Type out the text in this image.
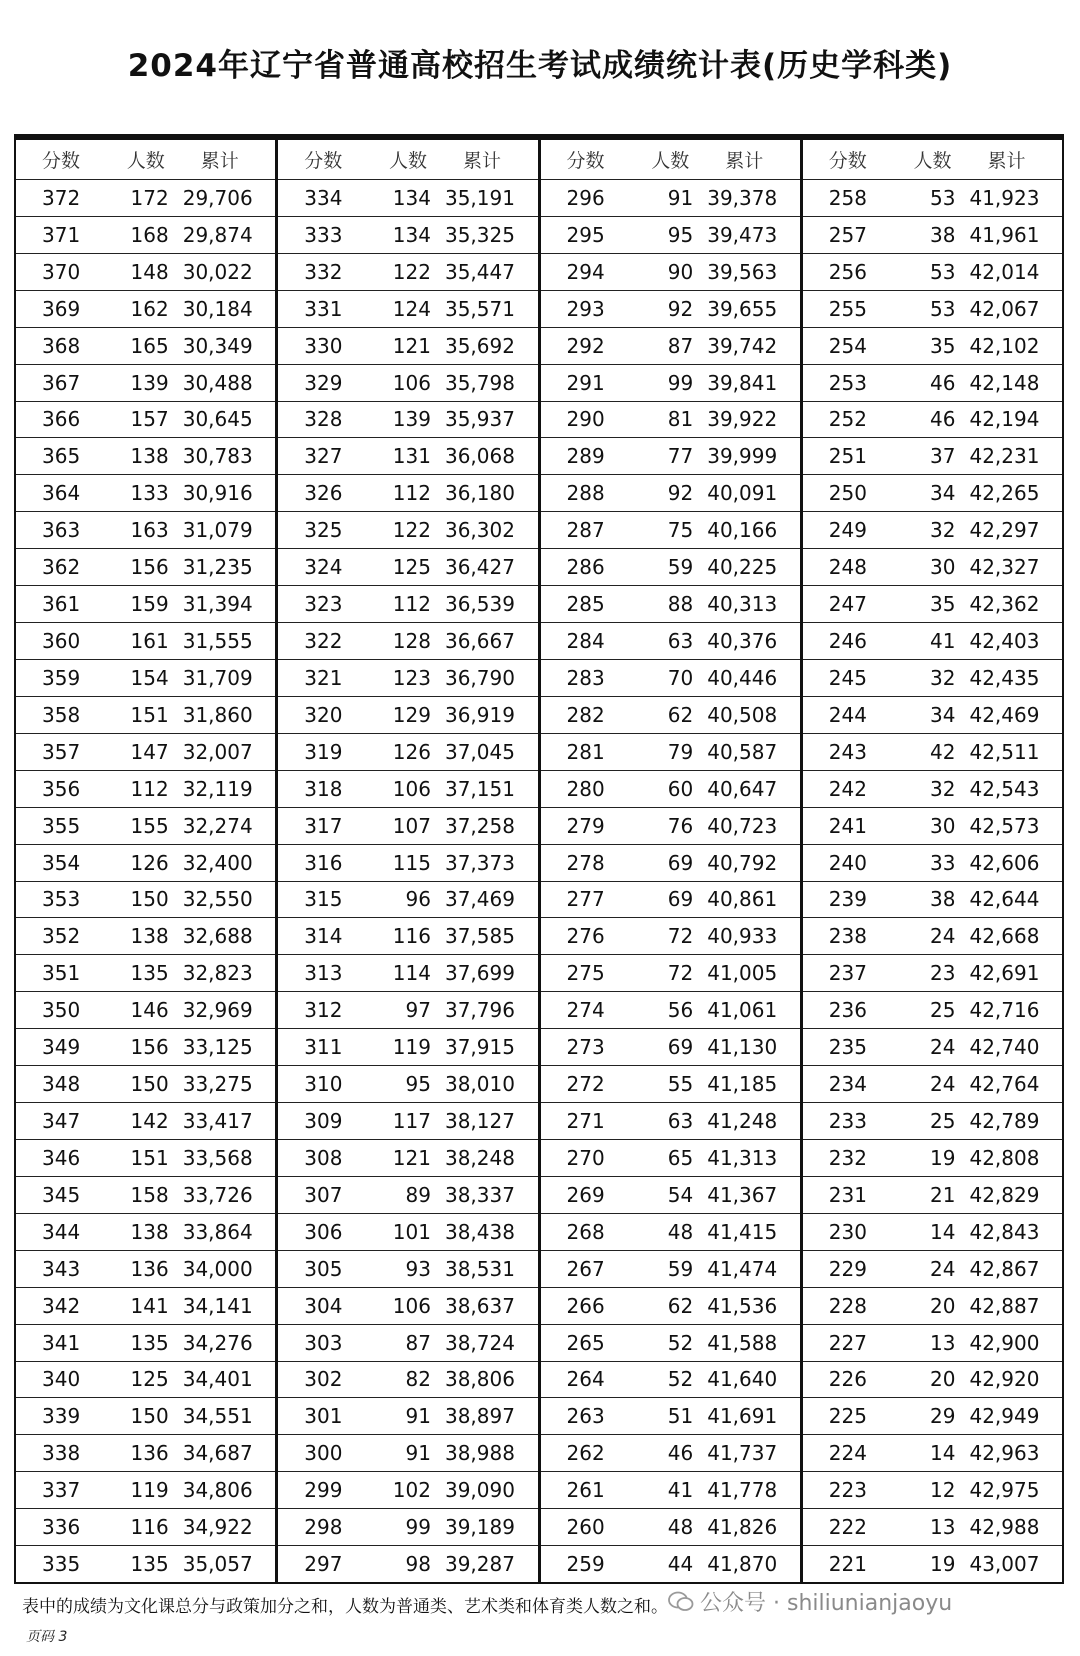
2024年辽宁省普通高校招生考试成绩统计表(历史学科类)
分数	人数	累计
372	172 29,706
371	168 29,874
370	148 30,022
369	162 30,184
368	165 30,349
367	139 30,488
366	157 30,645
365	138 30,783
364	133 30,916
363	163 31,079
362	156 31,235
361	159 31,394
360	161 31,555
359	154 31,709
358	151 31,860
357	147 32,007
356	112 32,119
355	155 32,274
354	126 32,400
353	150 32,550
352	138 32,688
351	135 32,823
350	146 32,969
349	156 33,125
348	150 33,275
347	142 33,417
346	151 33,568
345	158 33,726
344	138 33,864
343	136 34,000
342	141 34,141
341	135 34,276
340	125 34,401
339	150 34,551
338	136 34,687
337	119 34,806
336	116 34,922
335	135 35,057
分数	人数	累计
334	134 35,191
333	134 35,325
332	122 35,447
331	124 35,571
330	121 35,692
329	106 35,798
328	139 35,937
327	131 36,068
326	112 36,180
325	122 36,302
324	125 36,427
323	112 36,539
322	128 36,667
321	123 36,790
320	129 36,919
319	126 37,045
318	106 37,151
317	107 37,258
316	115 37,373
315	96 37,469
314	116 37,585
313	114 37,699
312	97 37,796
311	119 37,915
310	95 38,010
309	117 38,127
308	121 38,248
307	89 38,337
306	101 38,438
305	93 38,531
304	106 38,637
303	87 38,724
302	82 38,806
301	91 38,897
300	91 38,988
299	102 39,090
298	99 39,189
297	98 39,287
分数	人数	累计
296	91 39,378
295	95 39,473
294	90 39,563
293	92 39,655
292	87 39,742
291	99 39,841
290	81 39,922
289	77 39,999
288	92 40,091
287	75 40,166
286	59 40,225
285	88 40,313
284	63 40,376
283	70 40,446
282	62 40,508
281	79 40,587
280	60 40,647
279	76 40,723
278	69 40,792
277	69 40,861
276	72 40,933
275	72 41,005
274	56 41,061
273	69 41,130
272	55 41,185
271	63 41,248
270	65 41,313
269	54 41,367
268	48 41,415
267	59 41,474
266	62 41,536
265	52 41,588
264	52 41,640
263	51 41,691
262	46 41,737
261	41 41,778
260	48 41,826
259	44 41,870
分数	人数	累计
258	53 41,923
257	38 41,961
256	53 42,014
255	53 42,067
254	35 42,102
253	46 42,148
252	46 42,194
251	37 42,231
250	34 42,265
249	32 42,297
248	30 42,327
247	35 42,362
246	41 42,403
245	32 42,435
244	34 42,469
243	42 42,511
242	32 42,543
241	30 42,573
240	33 42,606
239	38 42,644
238	24 42,668
237	23 42,691
236	25 42,716
235	24 42,740
234	24 42,764
233	25 42,789
232	19 42,808
231	21 42,829
230	14 42,843
229	24 42,867
228	20 42,887
227	13 42,900
226	20 42,920
225	29 42,949
224	14 42,963
223	12 42,975
222	13 42,988
221	19 43,007
表中的成绩为文化课总分与政策加分之和，人数为普通类、艺术类和体育类人数之和。
页码 3
公众号 · shiliunianjaoyu
